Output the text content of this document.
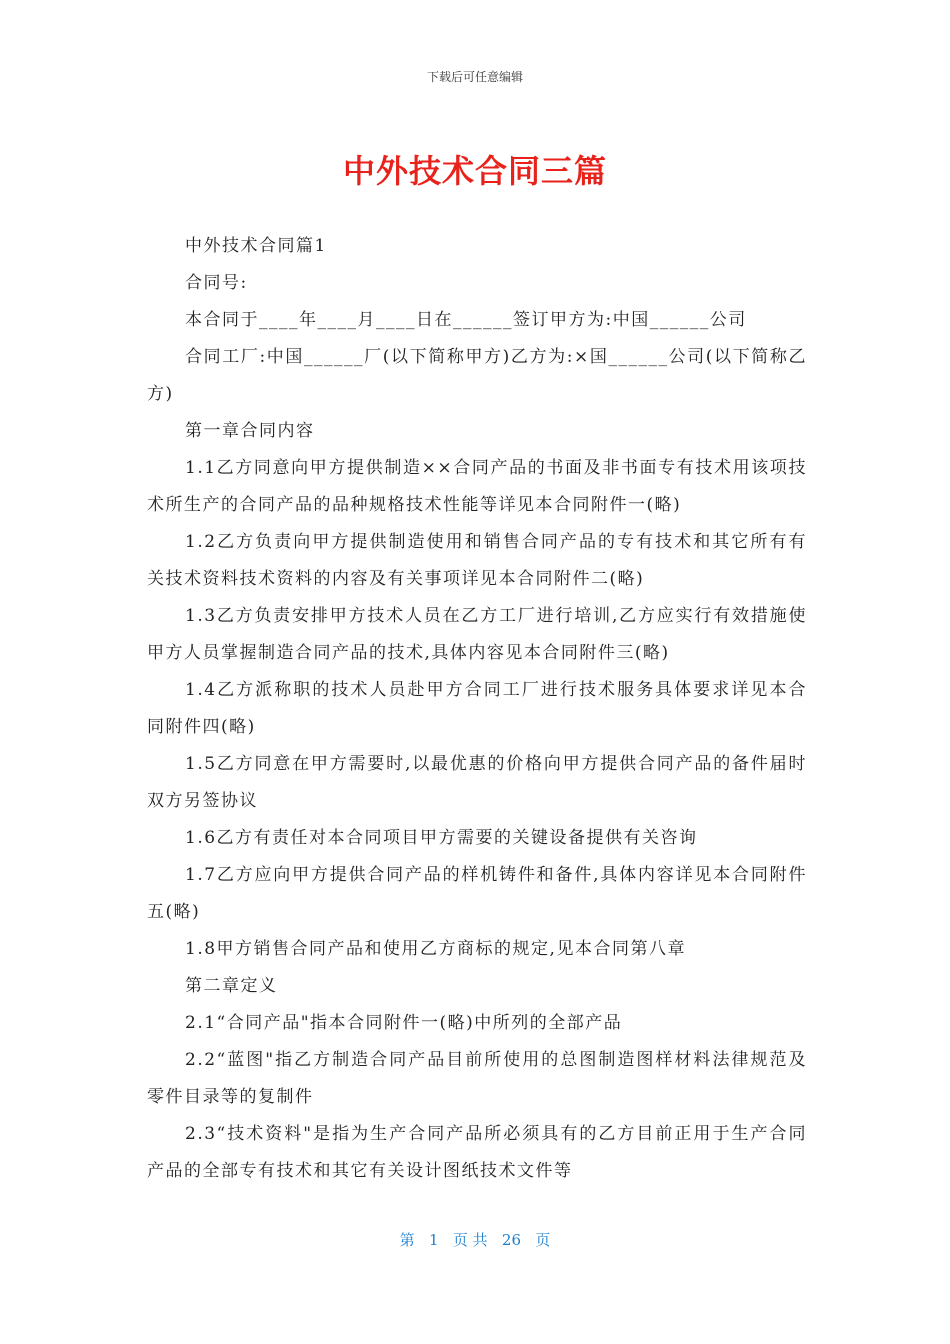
下载后可任意编辑
中外技术合同三篇

中外技术合同篇1

合同号:

本合同于____年____月____日在______签订甲方为:中国______公司

合同工厂:中国______厂(以下简称甲方)乙方为:×国______公司(以下简称乙方)

第一章合同内容

1.1乙方同意向甲方提供制造××合同产品的书面及非书面专有技术用该项技术所生产的合同产品的品种规格技术性能等详见本合同附件一(略)

1.2乙方负责向甲方提供制造使用和销售合同产品的专有技术和其它所有有关技术资料技术资料的内容及有关事项详见本合同附件二(略)

1.3乙方负责安排甲方技术人员在乙方工厂进行培训,乙方应实行有效措施使甲方人员掌握制造合同产品的技术,具体内容见本合同附件三(略)

1.4乙方派称职的技术人员赴甲方合同工厂进行技术服务具体要求详见本合同附件四(略)

1.5乙方同意在甲方需要时,以最优惠的价格向甲方提供合同产品的备件届时双方另签协议

1.6乙方有责任对本合同项目甲方需要的关键设备提供有关咨询

1.7乙方应向甲方提供合同产品的样机铸件和备件,具体内容详见本合同附件五(略)

1.8甲方销售合同产品和使用乙方商标的规定,见本合同第八章

第二章定义

2.1“合同产品"指本合同附件一(略)中所列的全部产品

2.2“蓝图"指乙方制造合同产品目前所使用的总图制造图样材料法律规范及零件目录等的复制件

2.3“技术资料"是指为生产合同产品所必须具有的乙方目前正用于生产合同产品的全部专有技术和其它有关设计图纸技术文件等

第 1 页 共 26 页
